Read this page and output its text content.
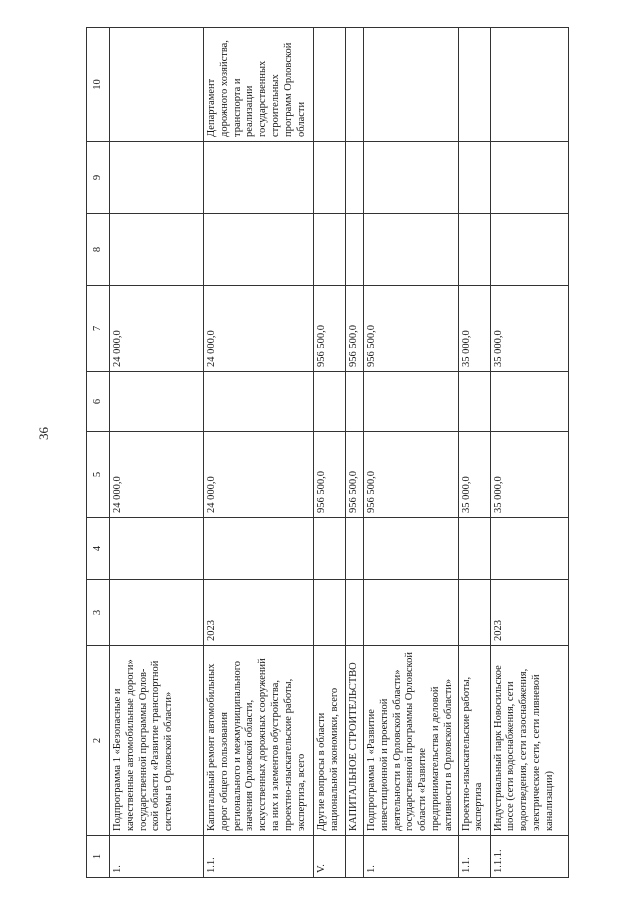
36
1	2	3	4	5	6	7	8	9	10
1.	Подпрограмма 1 «Безопасные и качественные автомобильные дороги» государственной программы Орлов-ской области «Развитие транспортной системы в Орловской области»			24 000,0		24 000,0			
1.1.	Капитальный ремонт автомобильных дорог общего пользования регионального и межмуниципального значения Орловской области, искусственных дорожных сооружений на них и элементов обустройства, проектно-изыскательские работы, экспертиза, всего	2023		24 000,0		24 000,0			Департамент дорожного хозяйства, транспорта и реализации государственных строительных программ Орловской области
V.	Другие вопросы в области национальной экономики, всего			956 500,0		956 500,0			
	КАПИТАЛЬНОЕ СТРОИТЕЛЬСТВО			956 500,0		956 500,0			
1.	Подпрограмма 1 «Развитие инвестиционной и проектной деятельности в Орловской области» государственной программы Орловской области «Развитие предпринимательства и деловой активности в Орловской области»			956 500,0		956 500,0			
1.1.	Проектно-изыскательские работы, экспертиза			35 000,0		35 000,0			
1.1.1.	Индустриальный парк Новосильское шоссе (сети водоснабжения, сети водоотведения, сети газоснабжения, электрические сети, сети ливневой канализации)	2023		35 000,0		35 000,0			
